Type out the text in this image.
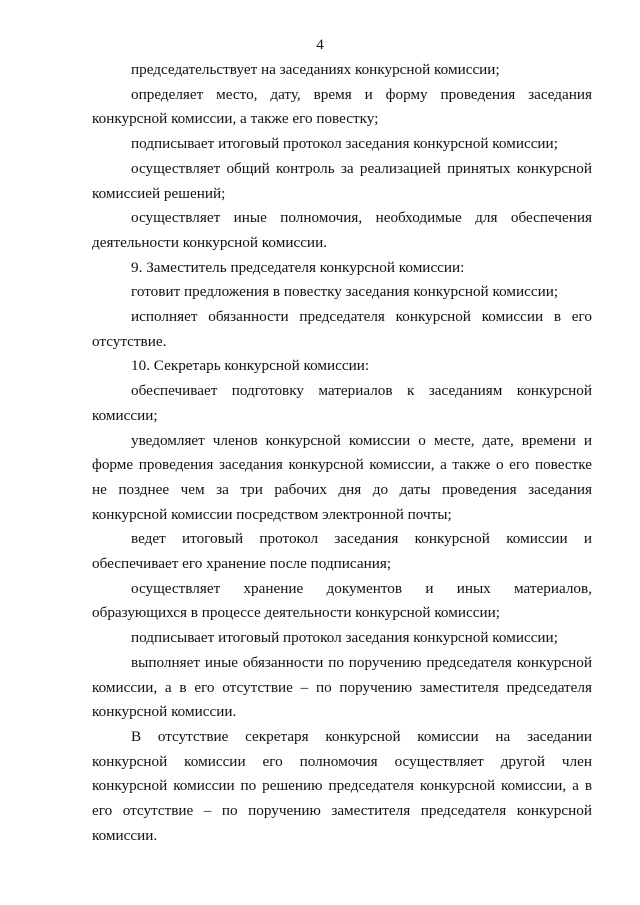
4

председательствует на заседаниях конкурсной комиссии;

определяет место, дату, время и форму проведения заседания конкурсной комиссии, а также его повестку;

подписывает итоговый протокол заседания конкурсной комиссии;

осуществляет общий контроль за реализацией принятых конкурсной комиссией решений;

осуществляет иные полномочия, необходимые для обеспечения деятельности конкурсной комиссии.

9. Заместитель председателя конкурсной комиссии:

готовит предложения в повестку заседания конкурсной комиссии;

исполняет обязанности председателя конкурсной комиссии в его отсутствие.

10. Секретарь конкурсной комиссии:

обеспечивает подготовку материалов к заседаниям конкурсной комиссии;

уведомляет членов конкурсной комиссии о месте, дате, времени и форме проведения заседания конкурсной комиссии, а также о его повестке не позднее чем за три рабочих дня до даты проведения заседания конкурсной комиссии посредством электронной почты;

ведет итоговый протокол заседания конкурсной комиссии и обеспечивает его хранение после подписания;

осуществляет хранение документов и иных материалов, образующихся в процессе деятельности конкурсной комиссии;

подписывает итоговый протокол заседания конкурсной комиссии;

выполняет иные обязанности по поручению председателя конкурсной комиссии, а в его отсутствие – по поручению заместителя председателя конкурсной комиссии.

В отсутствие секретаря конкурсной комиссии на заседании конкурсной комиссии его полномочия осуществляет другой член конкурсной комиссии по решению председателя конкурсной комиссии, а в его отсутствие – по поручению заместителя председателя конкурсной комиссии.
